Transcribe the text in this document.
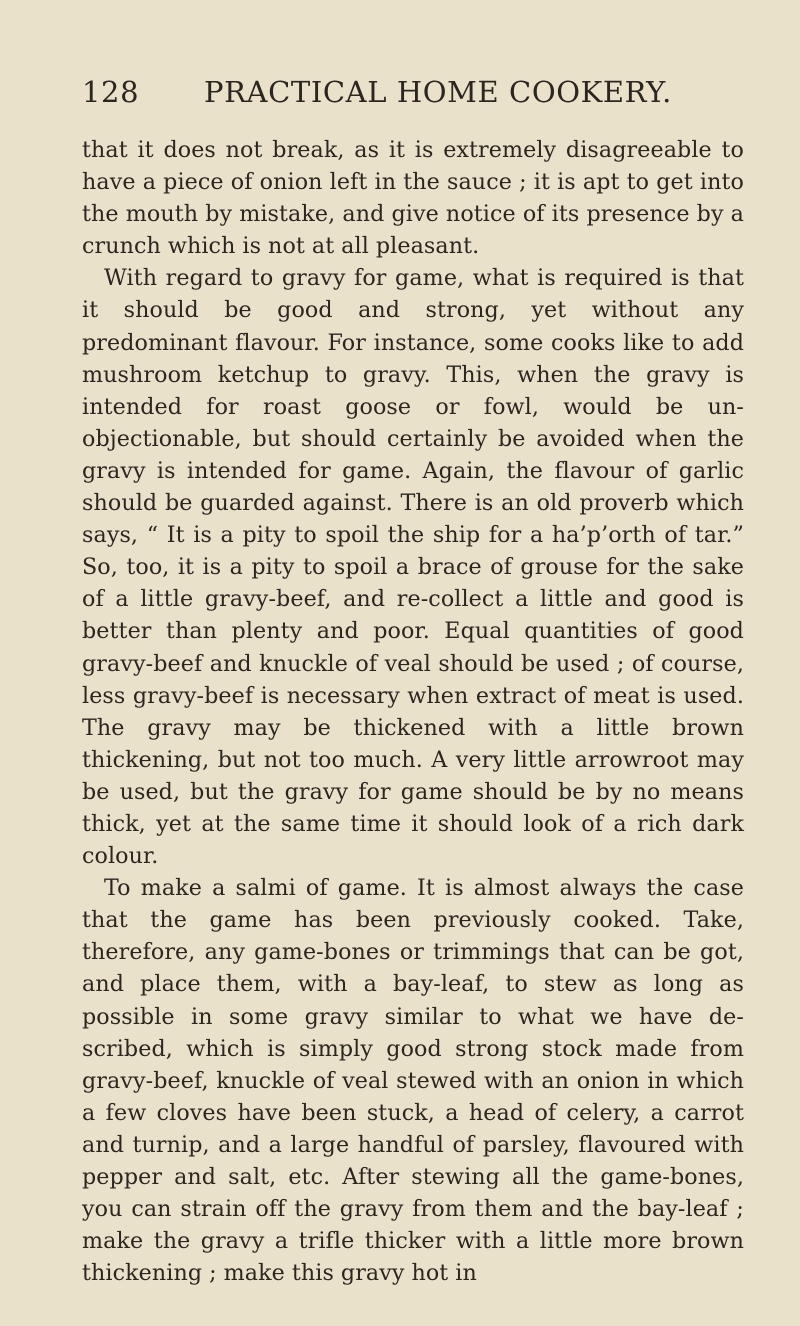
128	PRACTICAL HOME COOKERY.

that it does not break, as it is extremely disagreeable to have a piece of onion left in the sauce ; it is apt to get into the mouth by mistake, and give notice of its presence by a crunch which is not at all pleasant.

With regard to gravy for game, what is required is that it should be good and strong, yet without any predominant flavour. For instance, some cooks like to add mushroom ketchup to gravy. This, when the gravy is intended for roast goose or fowl, would be un-objectionable, but should certainly be avoided when the gravy is intended for game. Again, the flavour of garlic should be guarded against. There is an old proverb which says, “ It is a pity to spoil the ship for a ha’p’orth of tar.” So, too, it is a pity to spoil a brace of grouse for the sake of a little gravy-beef, and re-collect a little and good is better than plenty and poor. Equal quantities of good gravy-beef and knuckle of veal should be used ; of course, less gravy-beef is necessary when extract of meat is used. The gravy may be thickened with a little brown thickening, but not too much. A very little arrowroot may be used, but the gravy for game should be by no means thick, yet at the same time it should look of a rich dark colour.

To make a salmi of game. It is almost always the case that the game has been previously cooked. Take, therefore, any game-bones or trimmings that can be got, and place them, with a bay-leaf, to stew as long as possible in some gravy similar to what we have de-scribed, which is simply good strong stock made from gravy-beef, knuckle of veal stewed with an onion in which a few cloves have been stuck, a head of celery, a carrot and turnip, and a large handful of parsley, flavoured with pepper and salt, etc. After stewing all the game-bones, you can strain off the gravy from them and the bay-leaf ; make the gravy a trifle thicker with a little more brown thickening ; make this gravy hot in
